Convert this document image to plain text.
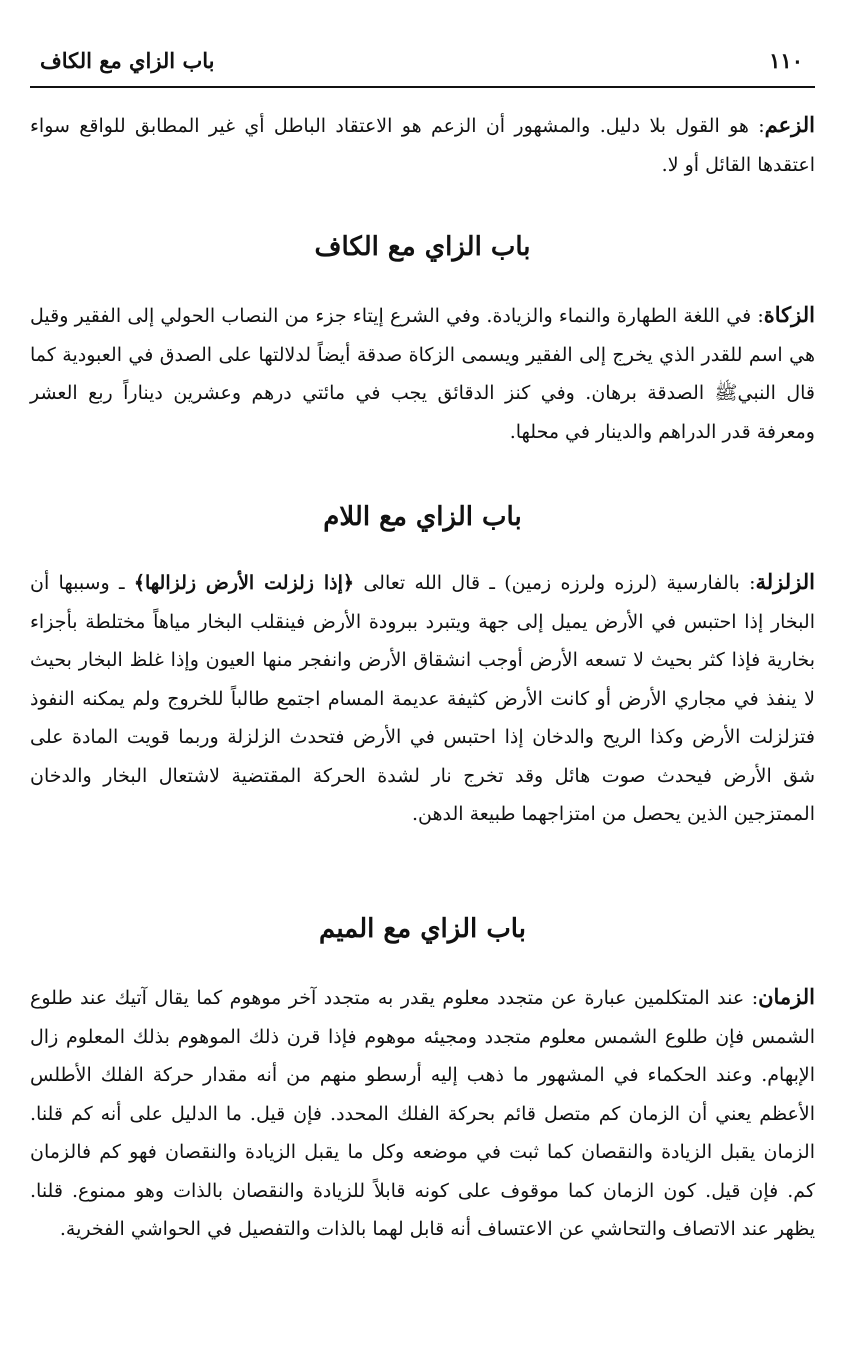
١١٠
باب الزاي مع الكاف

الزعم: هو القول بلا دليل. والمشهور أن الزعم هو الاعتقاد الباطل أي غير المطابق للواقع سواء اعتقدها القائل أو لا.

باب الزاي مع الكاف

الزكاة: في اللغة الطهارة والنماء والزيادة. وفي الشرع إيتاء جزء من النصاب الحولي إلى الفقير وقيل هي اسم للقدر الذي يخرج إلى الفقير ويسمى الزكاة صدقة أيضاً لدلالتها على الصدق في العبودية كما قال النبيﷺ الصدقة برهان. وفي كنز الدقائق يجب في مائتي درهم وعشرين ديناراً ربع العشر ومعرفة قدر الدراهم والدينار في محلها.

باب الزاي مع اللام

الزلزلة: بالفارسية (لرزه ولرزه زمين) ـ قال الله تعالى ﴿إذا زلزلت الأرض زلزالها﴾ ـ وسببها أن البخار إذا احتبس في الأرض يميل إلى جهة ويتبرد ببرودة الأرض فينقلب البخار مياهاً مختلطة بأجزاء بخارية فإذا كثر بحيث لا تسعه الأرض أوجب انشقاق الأرض وانفجر منها العيون وإذا غلظ البخار بحيث لا ينفذ في مجاري الأرض أو كانت الأرض كثيفة عديمة المسام اجتمع طالباً للخروج ولم يمكنه النفوذ فتزلزلت الأرض وكذا الريح والدخان إذا احتبس في الأرض فتحدث الزلزلة وربما قويت المادة على شق الأرض فيحدث صوت هائل وقد تخرج نار لشدة الحركة المقتضية لاشتعال البخار والدخان الممتزجين الذين يحصل من امتزاجهما طبيعة الدهن.

باب الزاي مع الميم

الزمان: عند المتكلمين عبارة عن متجدد معلوم يقدر به متجدد آخر موهوم كما يقال آتيك عند طلوع الشمس فإن طلوع الشمس معلوم متجدد ومجيئه موهوم فإذا قرن ذلك الموهوم بذلك المعلوم زال الإبهام. وعند الحكماء في المشهور ما ذهب إليه أرسطو منهم من أنه مقدار حركة الفلك الأطلس الأعظم يعني أن الزمان كم متصل قائم بحركة الفلك المحدد. فإن قيل. ما الدليل على أنه كم قلنا. الزمان يقبل الزيادة والنقصان كما ثبت في موضعه وكل ما يقبل الزيادة والنقصان فهو كم فالزمان كم. فإن قيل. كون الزمان كما موقوف على كونه قابلاً للزيادة والنقصان بالذات وهو ممنوع. قلنا. يظهر عند الاتصاف والتحاشي عن الاعتساف أنه قابل لهما بالذات والتفصيل في الحواشي الفخرية.
